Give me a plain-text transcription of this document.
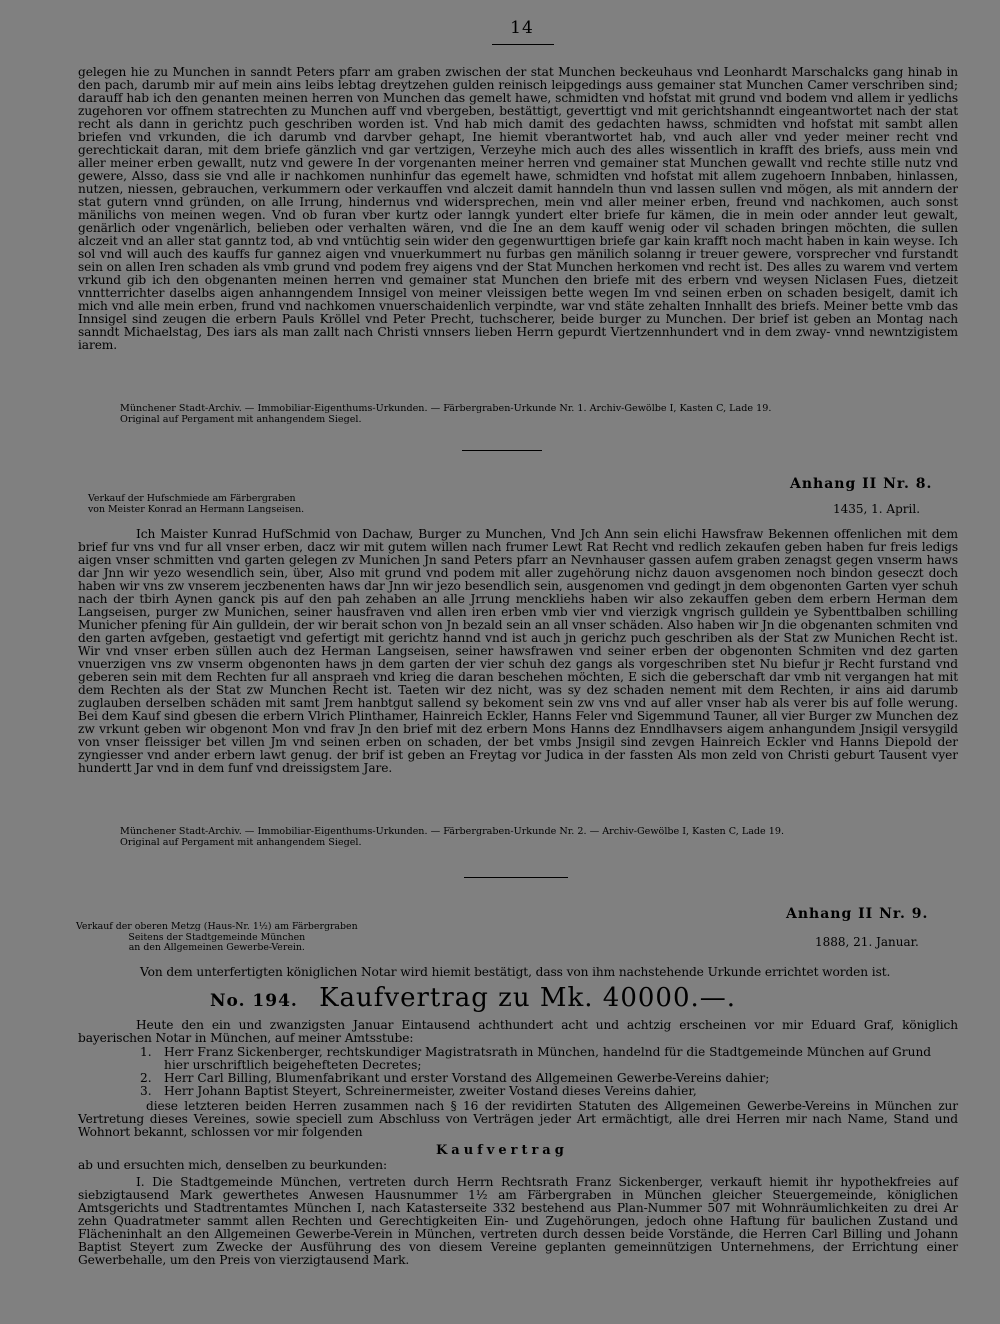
14

gelegen hie zu Munchen in sanndt Peters pfarr am graben zwischen der stat Munchen beckeuhaus vnd Leonhardt Marschalcks gang hinab in den pach, darumb mir auf mein ains leibs lebtag dreytzehen gulden reinisch leipgedings auss gemainer stat Munchen Camer verschriben sind; darauff hab ich den genanten meinen herren von Munchen das gemelt hawe, schmidten vnd hofstat mit grund vnd bodem vnd allem ir yedlichs zugehoren vor offnem statrechten zu Munchen auff vnd vbergeben, bestättigt, geverttigt vnd mit gerichtshanndt eingeantwortet nach der stat recht als dann in gerichtz puch geschriben worden ist. Vnd hab mich damit des gedachten hawss, schmidten vnd hofstat mit sambt allen briefen vnd vrkunden, die ich darumb vnd darvber gehapt, Ine hiemit vberantwortet hab, vnd auch aller vnd yeder meiner recht vnd gerechtickait daran, mit dem briefe gänzlich vnd gar vertzigen, Verzeyhe mich auch des alles wissentlich in krafft des briefs, auss mein vnd aller meiner erben gewallt, nutz vnd gewere In der vorgenanten meiner herren vnd gemainer stat Munchen gewallt vnd rechte stille nutz vnd gewere, Alsso, dass sie vnd alle ir nachkomen nunhinfur das egemelt hawe, schmidten vnd hofstat mit allem zugehoern Innbaben, hinlassen, nutzen, niessen, gebrauchen, verkummern oder verkauffen vnd alczeit damit hanndeln thun vnd lassen sullen vnd mögen, als mit anndern der stat gutern vnnd gründen, on alle Irrung, hindernus vnd widersprechen, mein vnd aller meiner erben, freund vnd nachkomen, auch sonst mänilichs von meinen wegen. Vnd ob furan vber kurtz oder lanngk yundert elter briefe fur kämen, die in mein oder annder leut gewalt, genärlich oder vngenärlich, belieben oder verhalten wären, vnd die Ine an dem kauff wenig oder vil schaden bringen möchten, die sullen alczeit vnd an aller stat ganntz tod, ab vnd vntüchtig sein wider den gegenwurttigen briefe gar kain krafft noch macht haben in kain weyse. Ich sol vnd will auch des kauffs fur gannez aigen vnd vnuerkummert nu furbas gen mänilich solanng ir treuer gewere, vorsprecher vnd furstandt sein on allen Iren schaden als vmb grund vnd podem frey aigens vnd der Stat Munchen herkomen vnd recht ist. Des alles zu warem vnd vertem vrkund gib ich den obgenanten meinen herren vnd gemainer stat Munchen den briefe mit des erbern vnd weysen Niclasen Fues, dietzeit vnntterrichter daselbs aigen anhanngendem Innsigel von meiner vleissigen bette wegen Im vnd seinen erben on schaden besigelt, damit ich mich vnd alle mein erben, frund vnd nachkomen vnuerschaidenlich verpindte, war vnd stäte zehalten Innhallt des briefs. Meiner bette vmb das Innsigel sind zeugen die erbern Pauls Kröllel vnd Peter Precht, tuchscherer, beide burger zu Munchen. Der brief ist geben an Montag nach sanndt Michaelstag, Des iars als man zallt nach Christi vnnsers lieben Herrn gepurdt Viertzennhundert vnd in dem zway- vnnd newntzigistem iarem.

Münchener Stadt-Archiv. — Immobiliar-Eigenthums-Urkunden. — Färbergraben-Urkunde Nr. 1. Archiv-Gewölbe I, Kasten C, Lade 19.
Original auf Pergament mit anhangendem Siegel.
Verkauf der Hufschmiede am Färbergraben
von Meister Konrad an Hermann Langseisen.
Anhang II Nr. 8.
1435, 1. April.

Ich Maister Kunrad HufSchmid von Dachaw, Burger zu Munchen, Vnd Jch Ann sein elichi Hawsfraw Bekennen offenlichen mit dem brief fur vns vnd fur all vnser erben, dacz wir mit gutem willen nach frumer Lewt Rat Recht vnd redlich zekaufen geben haben fur freis ledigs aigen vnser schmitten vnd garten gelegen zv Munichen Jn sand Peters pfarr an Nevnhauser gassen aufem graben zenagst gegen vnserm haws dar Jnn wir yezo wesendlich sein, über, Also mit grund vnd podem mit aller zugehörung nichz dauon avsgenomen noch bindon geseczt doch haben wir vns zw vnserem jeczbenenten haws dar Jnn wir jezo besendlich sein, ausgenomen vnd gedingt jn dem obgenonten Garten vyer schuh nach der tbirh Aynen ganck pis auf den pah zehaben an alle Jrrung menckliehs haben wir also zekauffen geben dem erbern Herman dem Langseisen, purger zw Munichen, seiner hausfraven vnd allen iren erben vmb vier vnd vierzigk vngrisch gulldein ye Sybenttbalben schilling Municher pfening für Ain gulldein, der wir berait schon von Jn bezald sein an all vnser schäden. Also haben wir Jn die obgenanten schmiten vnd den garten avfgeben, gestaetigt vnd gefertigt mit gerichtz hannd vnd ist auch jn gerichz puch geschriben als der Stat zw Munichen Recht ist. Wir vnd vnser erben süllen auch dez Herman Langseisen, seiner hawsfrawen vnd seiner erben der obgenonten Schmiten vnd dez garten vnuerzigen vns zw vnserm obgenonten haws jn dem garten der vier schuh dez gangs als vorgeschriben stet Nu biefur jr Recht furstand vnd geberen sein mit dem Rechten fur all anspraeh vnd krieg die daran beschehen möchten, E sich die geberschaft dar vmb nit vergangen hat mit dem Rechten als der Stat zw Munchen Recht ist. Taeten wir dez nicht, was sy dez schaden nement mit dem Rechten, ir ains aid darumb zuglauben derselben schäden mit samt Jrem hanbtgut sallend sy bekoment sein zw vns vnd auf aller vnser hab als verer bis auf folle werung. Bei dem Kauf sind gbesen die erbern Vlrich Plinthamer, Hainreich Eckler, Hanns Feler vnd Sigemmund Tauner, all vier Burger zw Munchen dez zw vrkunt geben wir obgenont Mon vnd frav Jn den brief mit dez erbern Mons Hanns dez Enndlhavsers aigem anhangundem Jnsigil versygild von vnser fleissiger bet villen Jm vnd seinen erben on schaden, der bet vmbs Jnsigil sind zevgen Hainreich Eckler vnd Hanns Diepold der zyngiesser vnd ander erbern lawt genug. der brif ist geben an Freytag vor Judica in der fassten Als mon zeld von Christi geburt Tausent vyer hundertt Jar vnd in dem funf vnd dreissigstem Jare.

Münchener Stadt-Archiv. — Immobiliar-Eigenthums-Urkunden. — Färbergraben-Urkunde Nr. 2. — Archiv-Gewölbe I, Kasten C, Lade 19.
Original auf Pergament mit anhangendem Siegel.
Verkauf der oberen Metzg (Haus-Nr. 1½) am Färbergraben
Seitens der Stadtgemeinde München
an den Allgemeinen Gewerbe-Verein.
Anhang II Nr. 9.
1888, 21. Januar.
Von dem unterfertigten königlichen Notar wird hiemit bestätigt, dass von ihm nachstehende Urkunde errichtet worden ist.
No. 194. Kaufvertrag zu Mk. 40000.—.

Heute den ein und zwanzigsten Januar Eintausend achthundert acht und achtzig erscheinen vor mir Eduard Graf, königlich bayerischen Notar in München, auf meiner Amtsstube:

1. Herr Franz Sickenberger, rechtskundiger Magistratsrath in München, handelnd für die Stadtgemeinde München auf Grund
hier urschriftlich beigehefteten Decretes;
2. Herr Carl Billing, Blumenfabrikant und erster Vorstand des Allgemeinen Gewerbe-Vereins dahier;
3. Herr Johann Baptist Steyert, Schreinermeister, zweiter Vostand dieses Vereins dahier,

diese letzteren beiden Herren zusammen nach § 16 der revidirten Statuten des Allgemeinen Gewerbe-Vereins in München zur Vertretung dieses Vereines, sowie speciell zum Abschluss von Verträgen jeder Art ermächtigt, alle drei Herren mir nach Name, Stand und Wohnort bekannt, schlossen vor mir folgenden

Kaufvertrag
ab und ersuchten mich, denselben zu beurkunden:

I. Die Stadtgemeinde München, vertreten durch Herrn Rechtsrath Franz Sickenberger, verkauft hiemit ihr hypothekfreies auf siebzigtausend Mark gewerthetes Anwesen Hausnummer 1½ am Färbergraben in München gleicher Steuergemeinde, königlichen Amtsgerichts und Stadtrentamtes München I, nach Katasterseite 332 bestehend aus Plan-Nummer 507 mit Wohnräumlichkeiten zu drei Ar zehn Quadratmeter sammt allen Rechten und Gerechtigkeiten Ein- und Zugehörungen, jedoch ohne Haftung für baulichen Zustand und Flächeninhalt an den Allgemeinen Gewerbe-Verein in München, vertreten durch dessen beide Vorstände, die Herren Carl Billing und Johann Baptist Steyert zum Zwecke der Ausführung des von diesem Vereine geplanten gemeinnützigen Unternehmens, der Errichtung einer Gewerbehalle, um den Preis von vierzigtausend Mark.
